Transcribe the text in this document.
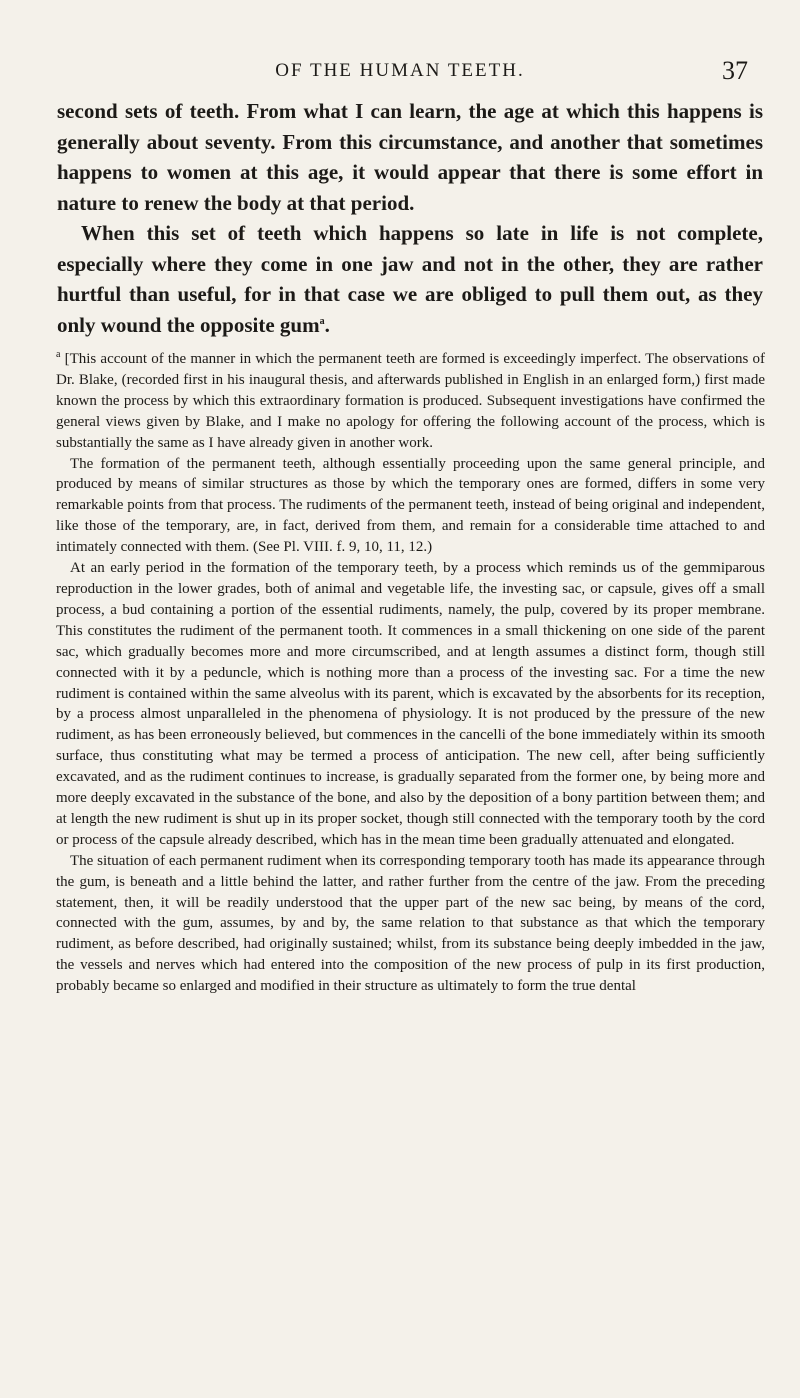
OF THE HUMAN TEETH.	37
second sets of teeth. From what I can learn, the age at which this happens is generally about seventy. From this circumstance, and another that sometimes happens to women at this age, it would appear that there is some effort in nature to renew the body at that period.
When this set of teeth which happens so late in life is not complete, especially where they come in one jaw and not in the other, they are rather hurtful than useful, for in that case we are obliged to pull them out, as they only wound the opposite gum$^a$.

$^a$ [This account of the manner in which the permanent teeth are formed is exceedingly imperfect. The observations of Dr. Blake, (recorded first in his inaugural thesis, and afterwards published in English in an enlarged form,) first made known the process by which this extraordinary formation is produced. Subsequent investigations have confirmed the general views given by Blake, and I make no apology for offering the following account of the process, which is substantially the same as I have already given in another work.

The formation of the permanent teeth, although essentially proceeding upon the same general principle, and produced by means of similar structures as those by which the temporary ones are formed, differs in some very remarkable points from that process. The rudiments of the permanent teeth, instead of being original and independent, like those of the temporary, are, in fact, derived from them, and remain for a considerable time attached to and intimately connected with them. (See Pl. VIII. f. 9, 10, 11, 12.)

At an early period in the formation of the temporary teeth, by a process which reminds us of the gemmiparous reproduction in the lower grades, both of animal and vegetable life, the investing sac, or capsule, gives off a small process, a bud containing a portion of the essential rudiments, namely, the pulp, covered by its proper membrane. This constitutes the rudiment of the permanent tooth. It commences in a small thickening on one side of the parent sac, which gradually becomes more and more circumscribed, and at length assumes a distinct form, though still connected with it by a peduncle, which is nothing more than a process of the investing sac. For a time the new rudiment is contained within the same alveolus with its parent, which is excavated by the absorbents for its reception, by a process almost unparalleled in the phenomena of physiology. It is not produced by the pressure of the new rudiment, as has been erroneously believed, but commences in the cancelli of the bone immediately within its smooth surface, thus constituting what may be termed a process of anticipation. The new cell, after being sufficiently excavated, and as the rudiment continues to increase, is gradually separated from the former one, by being more and more deeply excavated in the substance of the bone, and also by the deposition of a bony partition between them; and at length the new rudiment is shut up in its proper socket, though still connected with the temporary tooth by the cord or process of the capsule already described, which has in the mean time been gradually attenuated and elongated.

The situation of each permanent rudiment when its corresponding temporary tooth has made its appearance through the gum, is beneath and a little behind the latter, and rather further from the centre of the jaw. From the preceding statement, then, it will be readily understood that the upper part of the new sac being, by means of the cord, connected with the gum, assumes, by and by, the same relation to that substance as that which the temporary rudiment, as before described, had originally sustained; whilst, from its substance being deeply imbedded in the jaw, the vessels and nerves which had entered into the composition of the new process of pulp in its first production, probably became so enlarged and modified in their structure as ultimately to form the true dental
